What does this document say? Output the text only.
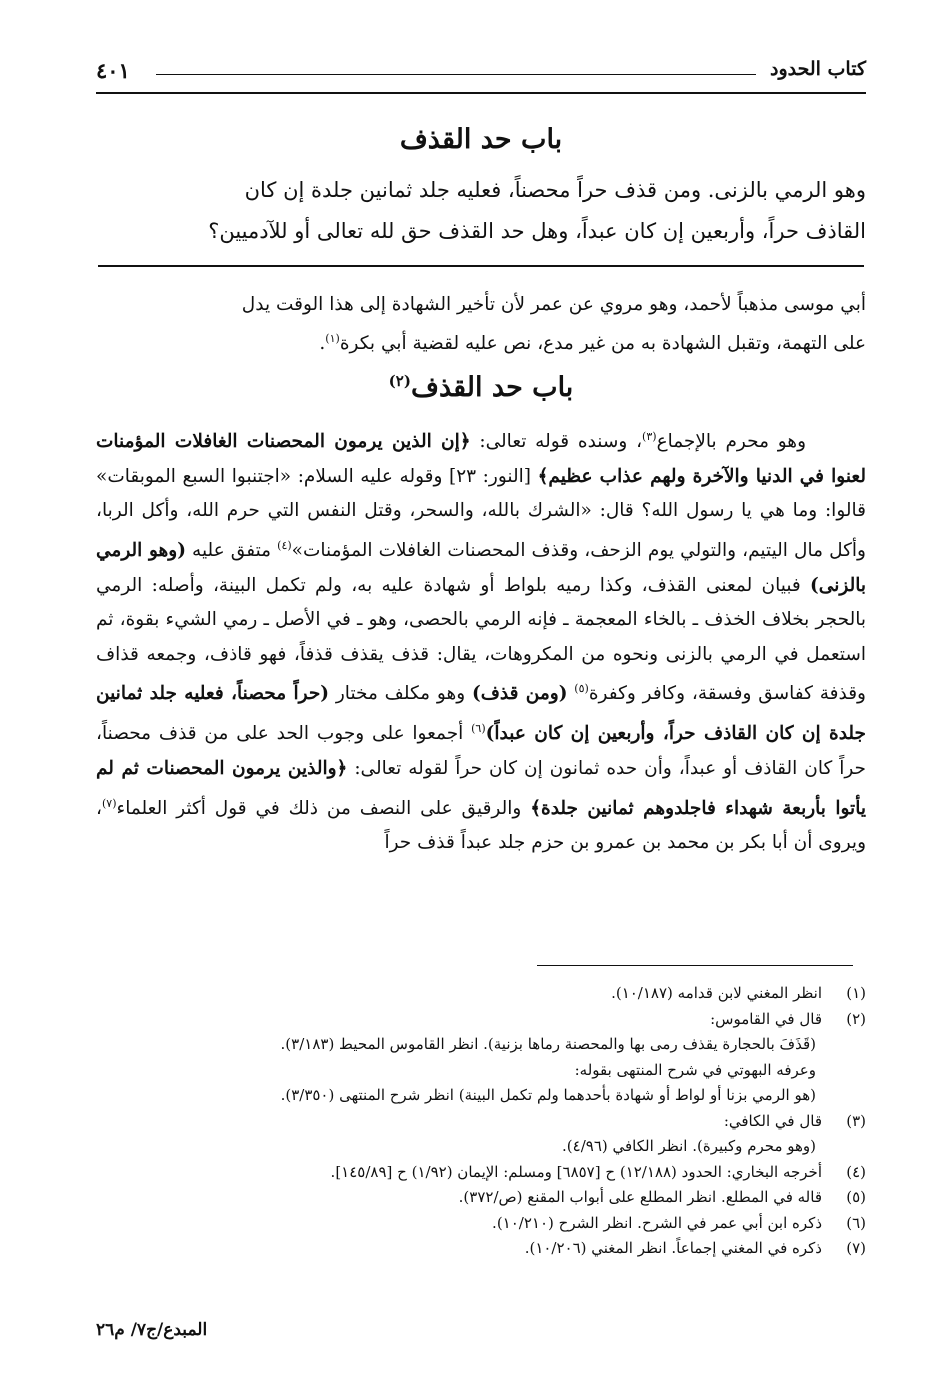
كتاب الحدود
٤٠١
باب حد القذف
وهو الرمي بالزنى. ومن قذف حراً محصناً، فعليه جلد ثمانين جلدة إن كان
القاذف حراً، وأربعين إن كان عبداً، وهل حد القذف حق لله تعالى أو للآدميين؟
أبي موسى مذهباً لأحمد، وهو مروي عن عمر لأن تأخير الشهادة إلى هذا الوقت يدل
على التهمة، وتقبل الشهادة به من غير مدع، نص عليه لقضية أبي بكرة$^{(١)}$.
باب حد القذف$^{(٢)}$

وهو محرم بالإجماع$^{(٣)}$، وسنده قوله تعالى: ﴿إن الذين يرمون المحصنات الغافلات المؤمنات لعنوا في الدنيا والآخرة ولهم عذاب عظيم﴾ [النور: ٢٣] وقوله عليه السلام: «اجتنبوا السبع الموبقات» قالوا: وما هي يا رسول الله؟ قال: «الشرك بالله، والسحر، وقتل النفس التي حرم الله، وأكل الربا، وأكل مال اليتيم، والتولي يوم الزحف، وقذف المحصنات الغافلات المؤمنات»$^{(٤)}$ متفق عليه (وهو الرمي بالزنى) فبيان لمعنى القذف، وكذا رميه بلواط أو شهادة عليه به، ولم تكمل البينة، وأصله: الرمي بالحجر بخلاف الخذف ـ بالخاء المعجمة ـ فإنه الرمي بالحصى، وهو ـ في الأصل ـ رمي الشيء بقوة، ثم استعمل في الرمي بالزنى ونحوه من المكروهات، يقال: قذف يقذف قذفاً، فهو قاذف، وجمعه قذاف وقذفة كفاسق وفسقة، وكافر وكفرة$^{(٥)}$ (ومن قذف) وهو مكلف مختار (حراً محصناً، فعليه جلد ثمانين جلدة إن كان القاذف حراً، وأربعين إن كان عبداً)$^{(٦)}$ أجمعوا على وجوب الحد على من قذف محصناً، حراً كان القاذف أو عبداً، وأن حده ثمانون إن كان حراً لقوله تعالى: ﴿والذين يرمون المحصنات ثم لم يأتوا بأربعة شهداء فاجلدوهم ثمانين جلدة﴾ والرقيق على النصف من ذلك في قول أكثر العلماء$^{(٧)}$، ويروى أن أبا بكر بن محمد بن عمرو بن حزم جلد عبداً قذف حراً

(١)
انظر المغني لابن قدامه (١٠/١٨٧).
(٢)
قال في القاموس:
(قَذَفَ بالحجارة يقذف رمى بها والمحصنة رماها بزنية). انظر القاموس المحيط (٣/١٨٣).
وعرفه البهوتي في شرح المنتهى بقوله:
(هو الرمي بزنا أو لواط أو شهادة بأحدهما ولم تكمل البينة) انظر شرح المنتهى (٣/٣٥٠).
(٣)
قال في الكافي:
(وهو محرم وكبيرة). انظر الكافي (٤/٩٦).
(٤)
أخرجه البخاري: الحدود (١٢/١٨٨) ح [٦٨٥٧] ومسلم: الإيمان (١/٩٢) ح [١٤٥/٨٩].
(٥)
قاله في المطلع. انظر المطلع على أبواب المقنع (ص/٣٧٢).
(٦)
ذكره ابن أبي عمر في الشرح. انظر الشرح (١٠/٢١٠).
(٧)
ذكره في المغني إجماعاً. انظر المغني (١٠/٢٠٦).
المبدع/ج٧/ م٢٦
